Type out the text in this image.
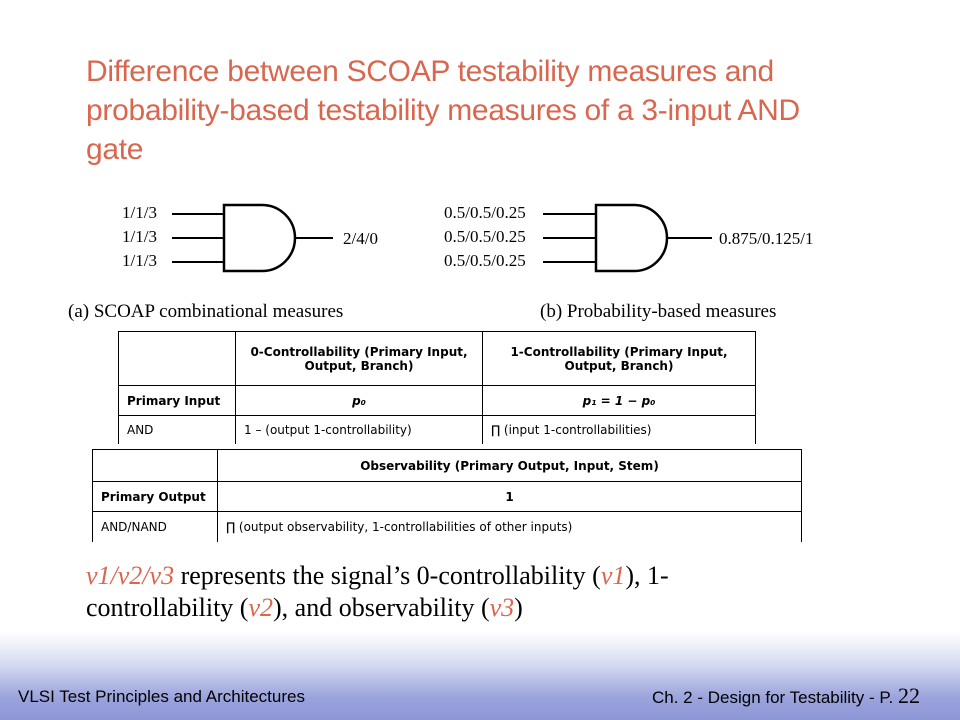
Difference between SCOAP testability measures and
probability-based testability measures of a 3-input AND
gate
1/1/3
1/1/3
1/1/3
2/4/0
(a) SCOAP combinational measures
0.5/0.5/0.25
0.5/0.5/0.25
0.5/0.5/0.25
0.875/0.125/1
(b) Probability-based measures
	0-Controllability (Primary Input, Output, Branch)	1-Controllability (Primary Input, Output, Branch)
Primary Input	p₀	p₁ = 1 − p₀
AND	1 – (output 1-controllability)	∏ (input 1-controllabilities)
	Observability (Primary Output, Input, Stem)
Primary Output	1
AND/NAND	∏ (output observability, 1-controllabilities of other inputs)
v1/v2/v3 represents the signal’s 0-controllability (v1), 1-
controllability (v2), and observability (v3)
VLSI Test Principles and Architectures	Ch. 2 - Design for Testability - P. 22
